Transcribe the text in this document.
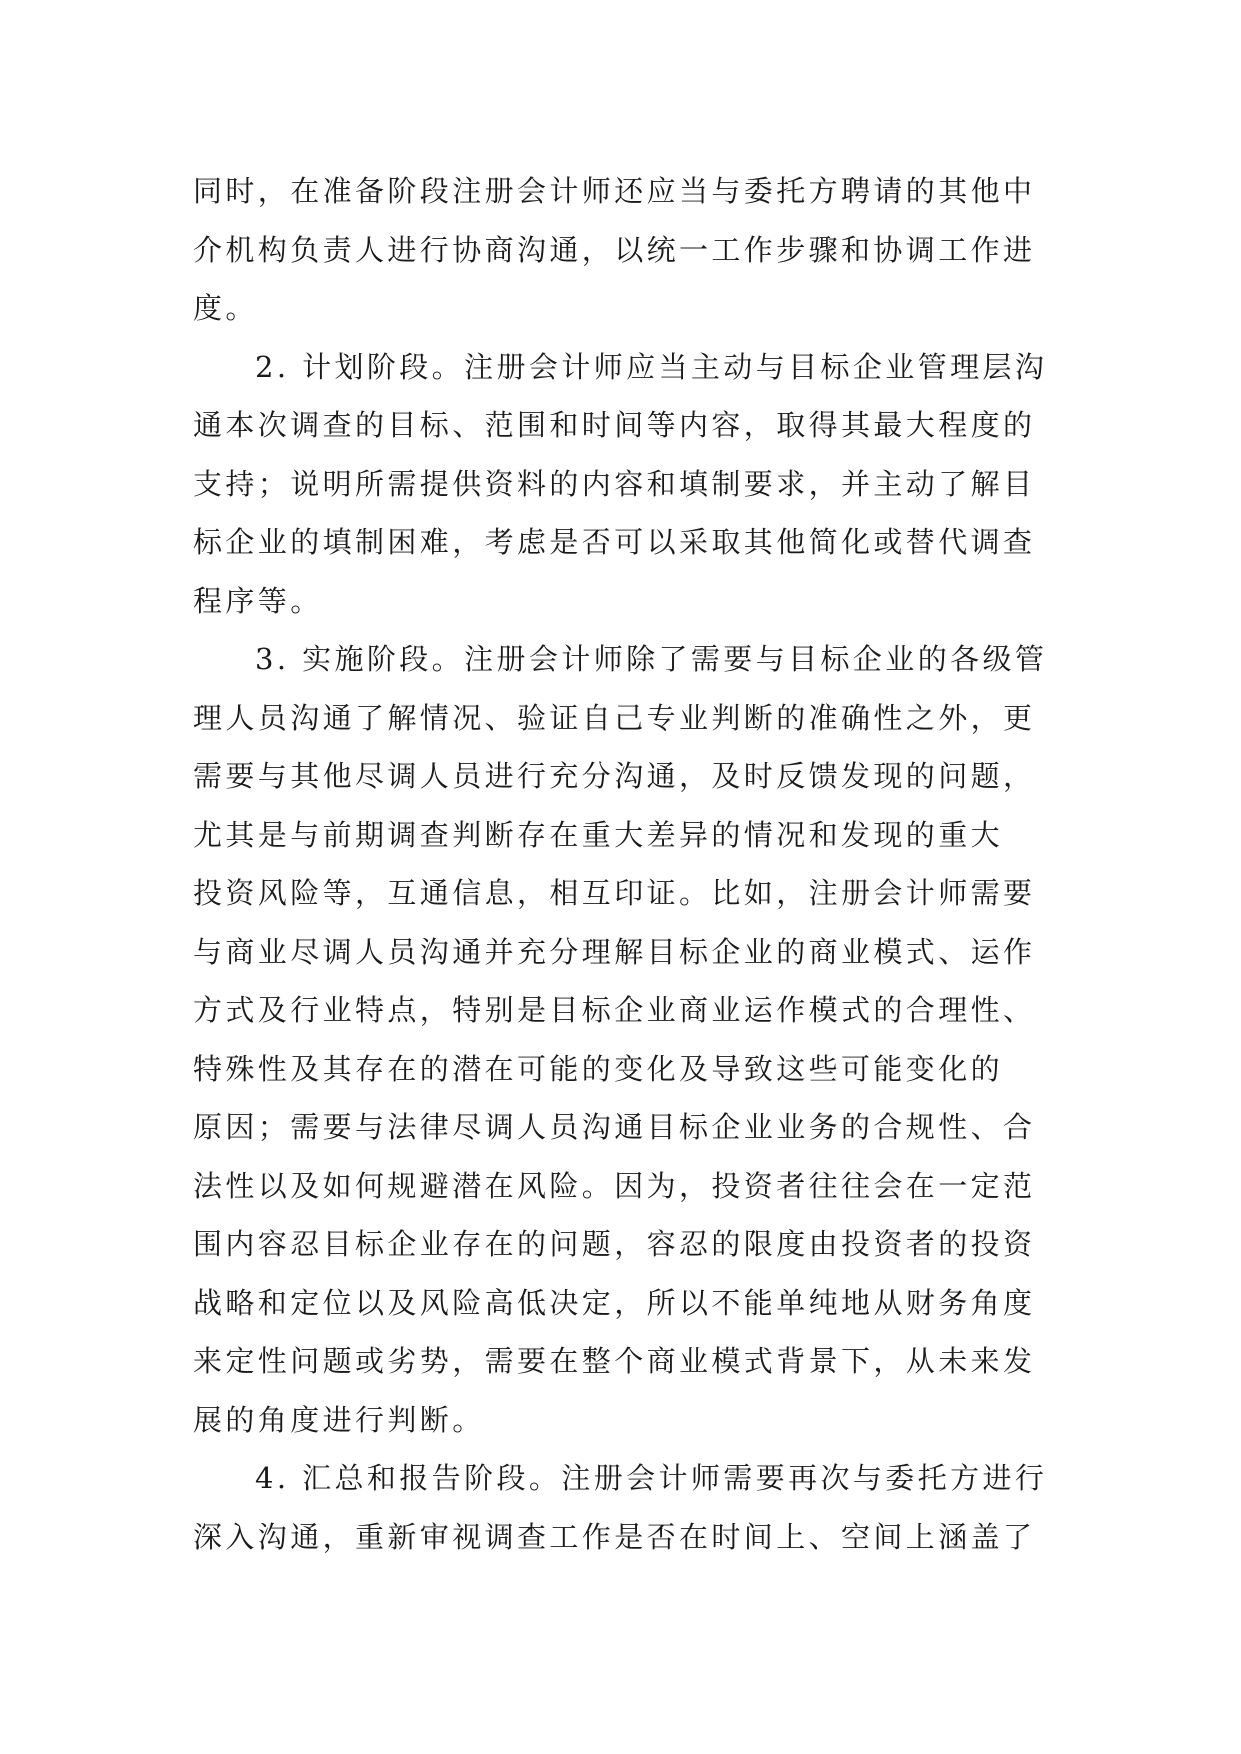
同时，在准备阶段注册会计师还应当与委托方聘请的其他中
介机构负责人进行协商沟通，以统一工作步骤和协调工作进
度。
2. 计划阶段。注册会计师应当主动与目标企业管理层沟
通本次调查的目标、范围和时间等内容，取得其最大程度的
支持；说明所需提供资料的内容和填制要求，并主动了解目
标企业的填制困难，考虑是否可以采取其他简化或替代调查
程序等。
3. 实施阶段。注册会计师除了需要与目标企业的各级管
理人员沟通了解情况、验证自己专业判断的准确性之外，更
需要与其他尽调人员进行充分沟通，及时反馈发现的问题，
尤其是与前期调查判断存在重大差异的情况和发现的重大
投资风险等，互通信息，相互印证。比如，注册会计师需要
与商业尽调人员沟通并充分理解目标企业的商业模式、运作
方式及行业特点，特别是目标企业商业运作模式的合理性、
特殊性及其存在的潜在可能的变化及导致这些可能变化的
原因；需要与法律尽调人员沟通目标企业业务的合规性、合
法性以及如何规避潜在风险。因为，投资者往往会在一定范
围内容忍目标企业存在的问题，容忍的限度由投资者的投资
战略和定位以及风险高低决定，所以不能单纯地从财务角度
来定性问题或劣势，需要在整个商业模式背景下，从未来发
展的角度进行判断。
4. 汇总和报告阶段。注册会计师需要再次与委托方进行
深入沟通，重新审视调查工作是否在时间上、空间上涵盖了
